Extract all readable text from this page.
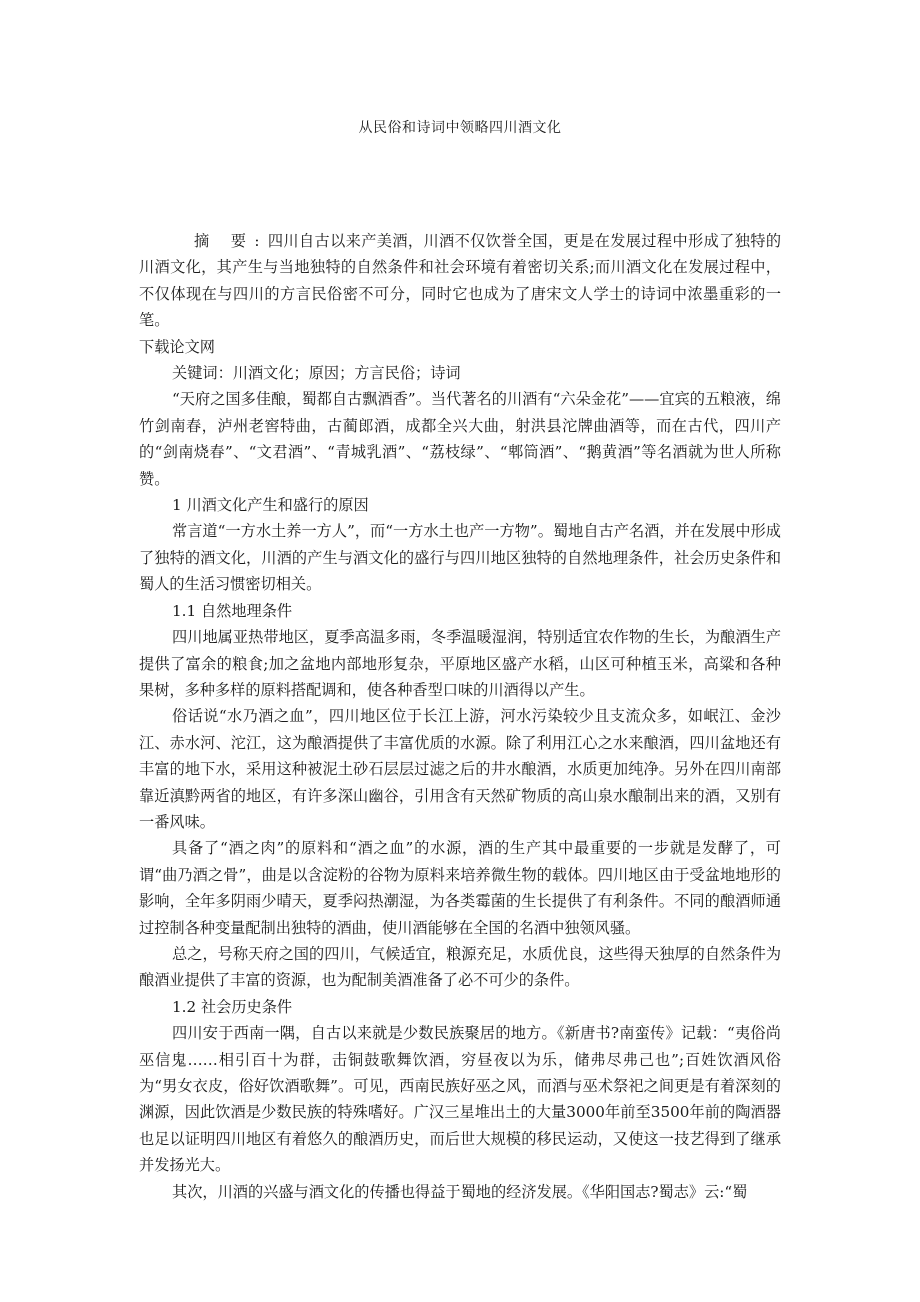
从民俗和诗词中领略四川酒文化

摘 要:四川自古以来产美酒，川酒不仅饮誉全国，更是在发展过程中形成了独特的川酒文化，其产生与当地独特的自然条件和社会环境有着密切关系;而川酒文化在发展过程中，不仅体现在与四川的方言民俗密不可分，同时它也成为了唐宋文人学士的诗词中浓墨重彩的一笔。

下载论文网

关键词：川酒文化；原因；方言民俗；诗词

“天府之国多佳酿，蜀都自古飘酒香”。当代著名的川酒有“六朵金花”——宜宾的五粮液，绵竹剑南春，泸州老窖特曲，古蔺郎酒，成都全兴大曲，射洪县沱牌曲酒等，而在古代，四川产的“剑南烧春”、“文君酒”、“青城乳酒”、“荔枝绿”、“郫筒酒”、“鹅黄酒”等名酒就为世人所称赞。

1 川酒文化产生和盛行的原因

常言道“一方水土养一方人”，而“一方水土也产一方物”。蜀地自古产名酒，并在发展中形成了独特的酒文化，川酒的产生与酒文化的盛行与四川地区独特的自然地理条件，社会历史条件和蜀人的生活习惯密切相关。

1.1 自然地理条件

四川地属亚热带地区，夏季高温多雨，冬季温暖湿润，特别适宜农作物的生长，为酿酒生产提供了富余的粮食;加之盆地内部地形复杂，平原地区盛产水稻，山区可种植玉米，高粱和各种果树，多种多样的原料搭配调和，使各种香型口味的川酒得以产生。

俗话说“水乃酒之血”，四川地区位于长江上游，河水污染较少且支流众多，如岷江、金沙江、赤水河、沱江，这为酿酒提供了丰富优质的水源。除了利用江心之水来酿酒，四川盆地还有丰富的地下水，采用这种被泥土砂石层层过滤之后的井水酿酒，水质更加纯净。另外在四川南部靠近滇黔两省的地区，有许多深山幽谷，引用含有天然矿物质的高山泉水酿制出来的酒，又别有一番风味。

具备了“酒之肉”的原料和“酒之血”的水源，酒的生产其中最重要的一步就是发酵了，可谓“曲乃酒之骨”，曲是以含淀粉的谷物为原料来培养微生物的载体。四川地区由于受盆地地形的影响，全年多阴雨少晴天，夏季闷热潮湿，为各类霉菌的生长提供了有利条件。不同的酿酒师通过控制各种变量配制出独特的酒曲，使川酒能够在全国的名酒中独领风骚。

总之，号称天府之国的四川，气候适宜，粮源充足，水质优良，这些得天独厚的自然条件为酿酒业提供了丰富的资源，也为配制美酒准备了必不可少的条件。

1.2 社会历史条件

四川安于西南一隅，自古以来就是少数民族聚居的地方。《新唐书?南蛮传》记载：“夷俗尚巫信鬼……相引百十为群，击铜鼓歌舞饮酒，穷昼夜以为乐，储弗尽弗己也”;百姓饮酒风俗为“男女衣皮，俗好饮酒歌舞”。可见，西南民族好巫之风，而酒与巫术祭祀之间更是有着深刻的渊源，因此饮酒是少数民族的特殊嗜好。广汉三星堆出土的大量3000年前至3500年前的陶酒器也足以证明四川地区有着悠久的酿酒历史，而后世大规模的移民运动，又使这一技艺得到了继承并发扬光大。

其次，川酒的兴盛与酒文化的传播也得益于蜀地的经济发展。《华阳国志?蜀志》云:“蜀
